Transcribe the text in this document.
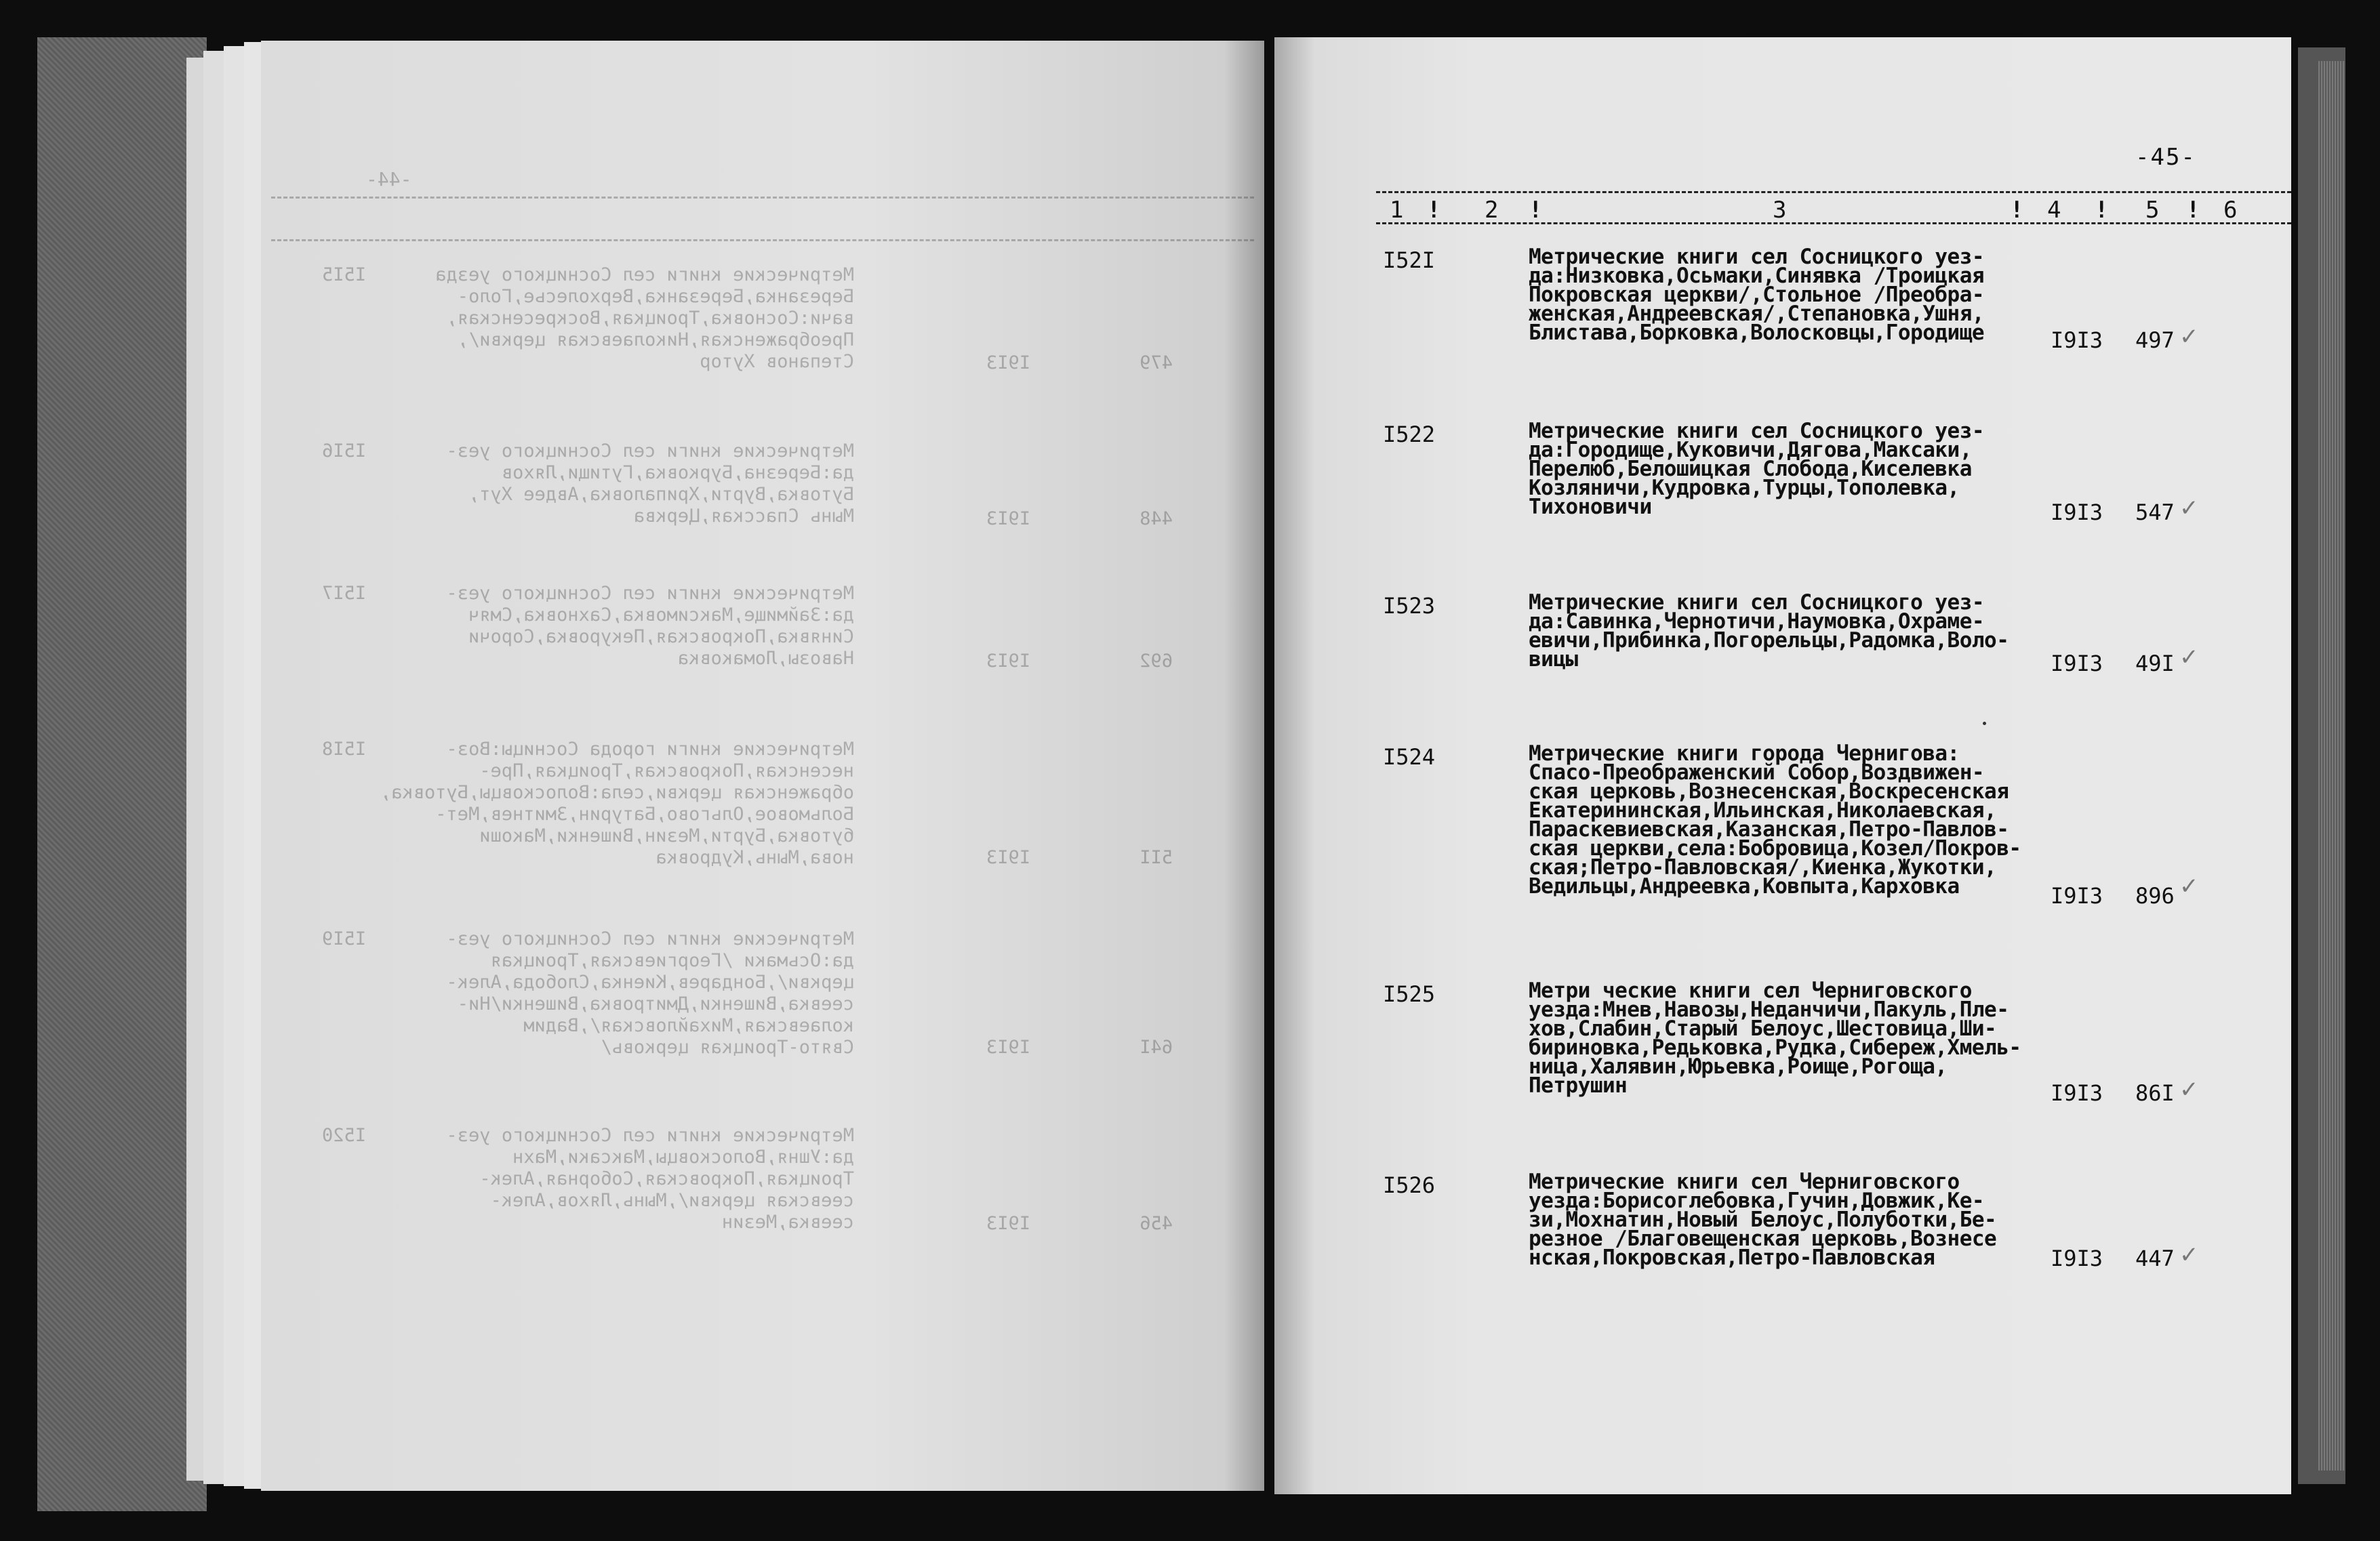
-44-
I5I5	Метрические книги сел Сосницкого уезда
Березанка,Березанка,Верхолесье,Голо-
вачи:Сосновка,Троицкая,Воскресенская,
Преображенская,Николаевская церкви/,
Степанов Хутор	I9I3	479
I5I6	Метрические книги сел Сосницкого уез-
да:Березна,Бурковка,Гутищи,Ляхов
Бутовка,Вурти,Хрипаловка,Авдее Хут,
Мынь Спасская,Церква	I9I3	448
I5I7	Метрические книги сел Сосницкого уез-
да:Займище,Максимовка,Сахновка,Смяч
Синявка,Покровская,Пекуровка,Сорочи
Навозы,Ломаковка	I9I3	692
I5I8	Метрические книги города Сосницы:Воз-
несенская,Покровская,Троицкая,Пре-
ображенская церкви,села:Волосковцы,Бутовка,
Больмовое,Ольгово,Батурин,Змитнев,Мет-
бутовка,Бурти,Мезин,Вишенки,Макоши
нова,Мынь,Кудровка	I9I3	5II
I5I9	Метрические книги сел Сосницкого уез-
да:Осьмаки /Георгиевская,Троицкая
церкви/,Бондарев,Киенка,Слобода,Алек-
сеевка,Вишенки,Дмитровка,Вишенки/Ни-
колаевская,Михайловская/,Вадим
Свято-Троицкая церковь/	I9I3	64I
I520	Метрические книги сел Сосницкого уез-
да:Ушня,Волосковцы,Максаки,Махн
Троицкая,Покровская,Соборная,Алек-
сеевская церкви/,Мынь,Ляхов,Алек-
сеевка,Мезин	I9I3	456
-45-
1 ! 2 !	3	! 4 ! 5 ! 6
I52I	Метрические книги сел Сосницкого уез-
да:Низковка,Осьмаки,Синявка /Троицкая
Покровская церкви/,Стольное /Преобра-
женская,Андреевская/,Степановка,Ушня,
Блистава,Борковка,Волосковцы,Городище	I9I3 497 ✓
I522	Метрические книги сел Сосницкого уез-
да:Городище,Куковичи,Дягова,Максаки,
Перелюб,Белошицкая Слобода,Киселевка
Козляничи,Кудровка,Турцы,Тополевка,
Тихоновичи	I9I3 547 ✓
I523	Метрические книги сел Сосницкого уез-
да:Савинка,Чернотичи,Наумовка,Охраме-
евичи,Прибинка,Погорельцы,Радомка,Воло-
вицы	I9I3 49I ✓
I524	Метрические книги города Чернигова:
Спасо-Преображенский Собор,Воздвижен-
ская церковь,Вознесенская,Воскресенская
Екатерининская,Ильинская,Николаевская,
Параскевиевская,Казанская,Петро-Павлов-
ская церкви,села:Бобровица,Козел/Покров-
ская;Петро-Павловская/,Киенка,Жукотки,
Ведильцы,Андреевка,Ковпыта,Карховка	I9I3 896 ✓
I525	Метри ческие книги сел Черниговского
уезда:Мнев,Навозы,Неданчичи,Пакуль,Пле-
хов,Слабин,Старый Белоус,Шестовица,Ши-
бириновка,Редьковка,Рудка,Сибереж,Хмель-
ница,Халявин,Юрьевка,Роище,Рогоща,
Петрушин	I9I3 86I ✓
I526	Метрические книги сел Черниговского
уезда:Борисоглебовка,Гучин,Довжик,Ке-
зи,Мохнатин,Новый Белоус,Полуботки,Бе-
резное /Благовещенская церковь,Вознесе
нская,Покровская,Петро-Павловская	I9I3 447 ✓
